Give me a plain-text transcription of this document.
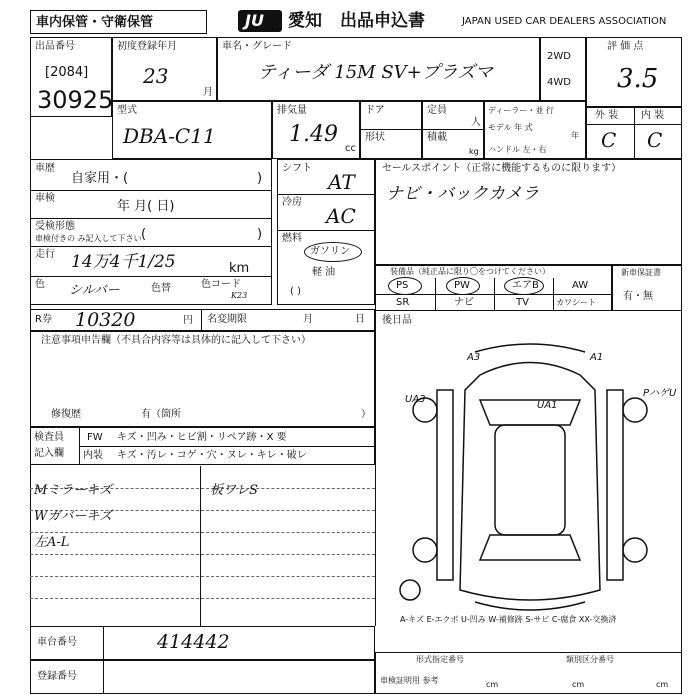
車内保管・守衛保管	JU 愛知 出品申込書	JAPAN USED CAR DEALERS ASSOCIATION
出品番号
[2084]
30925
初度登録年月
23
月
車名・グレード
ティーダ 15M SV+プラズマ
2WD
4WD
評 価 点
3.5
外 装 内 装
C C
型式
DBA-C11
排気量
1.49
cc
ドア
形状
定員
人
積載
kg
ディーラー・並 行
モデル 年 式
年
ハンドル 左・右
車歴
自家用・(	)
車検
年 月( 日)
受検形態
車検付きの み記入して下さい (	)
走行 14万4千1/25	km
色 シルバー	色替	色コード
K23
シフト
AT
冷房
AC
燃料
ガソリン
軽 油
( )
セールスポイント（正常に機能するものに限ります）
ナビ・バックカメラ
装備品（純正品に限り〇をつけてください）
PS	PW	エアB	AW
SR	ナビ	TV	カワシート
新車保証書
有・無
R券 10320	円 名変期限	月	日
注意事項申告欄（不具合内容等は具体的に記入して下さい）
修復歴	有（箇所	）
後日品
検査員
記入欄
FW キズ・凹み・ヒビ割・リペア跡・X 要
内装 キズ・汚レ・コゲ・穴・ヌレ・キレ・破レ
Mミラーキズ
Wガバーキズ
左A-L
板ワレS
A3	A1
UA3
UA1
PハゲU
A-キズ E-エクボ U-凹み W-補修跡 S-サビ C-腐食 XX-交換済
車台番号	414442
登録番号
形式指定番号	類別区分番号
車検証明用 参考	cm	cm	cm
